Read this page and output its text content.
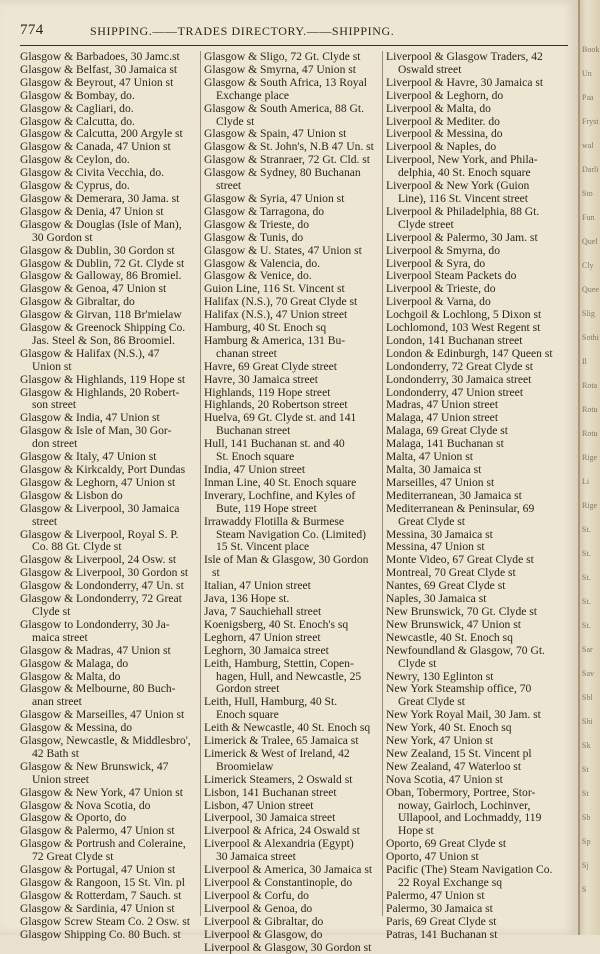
774	SHIPPING.——TRADES DIRECTORY.——SHIPPING.
Glasgow & Barbadoes, 30 Jamc.st
Glasgow & Belfast, 30 Jamaica st
Glasgow & Beyrout, 47 Union st
Glasgow & Bombay, do.
Glasgow & Cagliari, do.
Glasgow & Calcutta, do.
Glasgow & Calcutta, 200 Argyle st
Glasgow & Canada, 47 Union st
Glasgow & Ceylon, do.
Glasgow & Civita Vecchia, do.
Glasgow & Cyprus, do.
Glasgow & Demerara, 30 Jama. st
Glasgow & Denia, 47 Union st
Glasgow & Douglas (Isle of Man),
30 Gordon st
Glasgow & Dublin, 30 Gordon st
Glasgow & Dublin, 72 Gt. Clyde st
Glasgow & Galloway, 86 Bromiel.
Glasgow & Genoa, 47 Union st
Glasgow & Gibraltar, do
Glasgow & Girvan, 118 Br'mielaw
Glasgow & Greenock Shipping Co.
Jas. Steel & Son, 86 Broomiel.
Glasgow & Halifax (N.S.), 47
Union st
Glasgow & Highlands, 119 Hope st
Glasgow & Highlands, 20 Robert-
son street
Glasgow & India, 47 Union st
Glasgow & Isle of Man, 30 Gor-
don street
Glasgow & Italy, 47 Union st
Glasgow & Kirkcaldy, Port Dundas
Glasgow & Leghorn, 47 Union st
Glasgow & Lisbon do
Glasgow & Liverpool, 30 Jamaica
street
Glasgow & Liverpool, Royal S. P.
Co. 88 Gt. Clyde st
Glasgow & Liverpool, 24 Osw. st
Glasgow & Liverpool, 30 Gordon st
Glasgow & Londonderry, 47 Un. st
Glasgow & Londonderry, 72 Great
Clyde st
Glasgow to Londonderry, 30 Ja-
maica street
Glasgow & Madras, 47 Union st
Glasgow & Malaga, do
Glasgow & Malta, do
Glasgow & Melbourne, 80 Buch-
anan street
Glasgow & Marseilles, 47 Union st
Glasgow & Messina, do
Glasgow, Newcastle, & Middlesbro',
42 Bath st
Glasgow & New Brunswick, 47
Union street
Glasgow & New York, 47 Union st
Glasgow & Nova Scotia, do
Glasgow & Oporto, do
Glasgow & Palermo, 47 Union st
Glasgow & Portrush and Coleraine,
72 Great Clyde st
Glasgow & Portugal, 47 Union st
Glasgow & Rangoon, 15 St. Vin. pl
Glasgow & Rotterdam, 7 Sauch. st
Glasgow & Sardinia, 47 Union st
Glasgow Screw Steam Co. 2 Osw. st
Glasgow Shipping Co. 80 Buch. st
Glasgow & Sligo, 72 Gt. Clyde st
Glasgow & Smyrna, 47 Union st
Glasgow & South Africa, 13 Royal
Exchange place
Glasgow & South America, 88 Gt.
Clyde st
Glasgow & Spain, 47 Union st
Glasgow & St. John's, N.B 47 Un. st
Glasgow & Stranraer, 72 Gt. Cld. st
Glasgow & Sydney, 80 Buchanan
street
Glasgow & Syria, 47 Union st
Glasgow & Tarragona, do
Glasgow & Trieste, do
Glasgow & Tunis, do
Glasgow & U. States, 47 Union st
Glasgow & Valencia, do.
Glasgow & Venice, do.
Guion Line, 116 St. Vincent st
Halifax (N.S.), 70 Great Clyde st
Halifax (N.S.), 47 Union street
Hamburg, 40 St. Enoch sq
Hamburg & America, 131 Bu-
chanan street
Havre, 69 Great Clyde street
Havre, 30 Jamaica street
Highlands, 119 Hope street
Highlands, 20 Robertson street
Huelva, 69 Gt. Clyde st. and 141
Buchanan street
Hull, 141 Buchanan st. and 40
St. Enoch square
India, 47 Union street
Inman Line, 40 St. Enoch square
Inverary, Lochfine, and Kyles of
Bute, 119 Hope street
Irrawaddy Flotilla & Burmese
Steam Navigation Co. (Limited)
15 St. Vincent place
Isle of Man & Glasgow, 30 Gordon st
Italian, 47 Union street
Java, 136 Hope st.
Java, 7 Sauchiehall street
Koenigsberg, 40 St. Enoch's sq
Leghorn, 47 Union street
Leghorn, 30 Jamaica street
Leith, Hamburg, Stettin, Copen-
hagen, Hull, and Newcastle, 25
Gordon street
Leith, Hull, Hamburg, 40 St.
Enoch square
Leith & Newcastle, 40 St. Enoch sq
Limerick & Tralee, 65 Jamaica st
Limerick & West of Ireland, 42
Broomielaw
Limerick Steamers, 2 Oswald st
Lisbon, 141 Buchanan street
Lisbon, 47 Union street
Liverpool, 30 Jamaica street
Liverpool & Africa, 24 Oswald st
Liverpool & Alexandria (Egypt)
30 Jamaica street
Liverpool & America, 30 Jamaica st
Liverpool & Constantinople, do
Liverpool & Corfu, do
Liverpool & Genoa, do
Liverpool & Gibraltar, do
Liverpool & Glasgow, do
Liverpool & Glasgow, 30 Gordon st
Liverpool & Glasgow Traders, 42
Oswald street
Liverpool & Havre, 30 Jamaica st
Liverpool & Leghorn, do
Liverpool & Malta, do
Liverpool & Mediter. do
Liverpool & Messina, do
Liverpool & Naples, do
Liverpool, New York, and Phila-
delphia, 40 St. Enoch square
Liverpool & New York (Guion
Line), 116 St. Vincent street
Liverpool & Philadelphia, 88 Gt.
Clyde street
Liverpool & Palermo, 30 Jam. st
Liverpool & Smyrna, do
Liverpool & Syra, do
Liverpool Steam Packets do
Liverpool & Trieste, do
Liverpool & Varna, do
Lochgoil & Lochlong, 5 Dixon st
Lochlomond, 103 West Regent st
London, 141 Buchanan street
London & Edinburgh, 147 Queen st
Londonderry, 72 Great Clyde st
Londonderry, 30 Jamaica street
Londonderry, 47 Union street
Madras, 47 Union street
Malaga, 47 Union street
Malaga, 69 Great Clyde st
Malaga, 141 Buchanan st
Malta, 47 Union st
Malta, 30 Jamaica st
Marseilles, 47 Union st
Mediterranean, 30 Jamaica st
Mediterranean & Peninsular, 69
Great Clyde st
Messina, 30 Jamaica st
Messina, 47 Union st
Monte Video, 67 Great Clyde st
Montreal, 70 Great Clyde st
Nantes, 69 Great Clyde st
Naples, 30 Jamaica st
New Brunswick, 70 Gt. Clyde st
New Brunswick, 47 Union st
Newcastle, 40 St. Enoch sq
Newfoundland & Glasgow, 70 Gt.
Clyde st
Newry, 130 Eglinton st
New York Steamship office, 70
Great Clyde st
New York Royal Mail, 30 Jam. st
New York, 40 St. Enoch sq
New York, 47 Union st
New Zealand, 15 St. Vincent pl
New Zealand, 47 Waterloo st
Nova Scotia, 47 Union st
Oban, Tobermory, Portree, Stor-
noway, Gairloch, Lochinver,
Ullapool, and Lochmaddy, 119
Hope st
Oporto, 69 Great Clyde st
Oporto, 47 Union st
Pacific (The) Steam Navigation Co.
22 Royal Exchange sq
Palermo, 47 Union st
Palermo, 30 Jamaica st
Paris, 69 Great Clyde st
Patras, 141 Buchanan st
Book
Un
Paa
Fryst
wal
Darli
Sto
Fun
Quel
Cly
Quee
Slig
Sothi
Il
Rota
Rotu
Rotu
Rige
Li
Rige
St.
St.
St.
St.
St.
Sar
Sav
Sbl
Shi
Sk
St
St
Sb
Sp
Sj
S
